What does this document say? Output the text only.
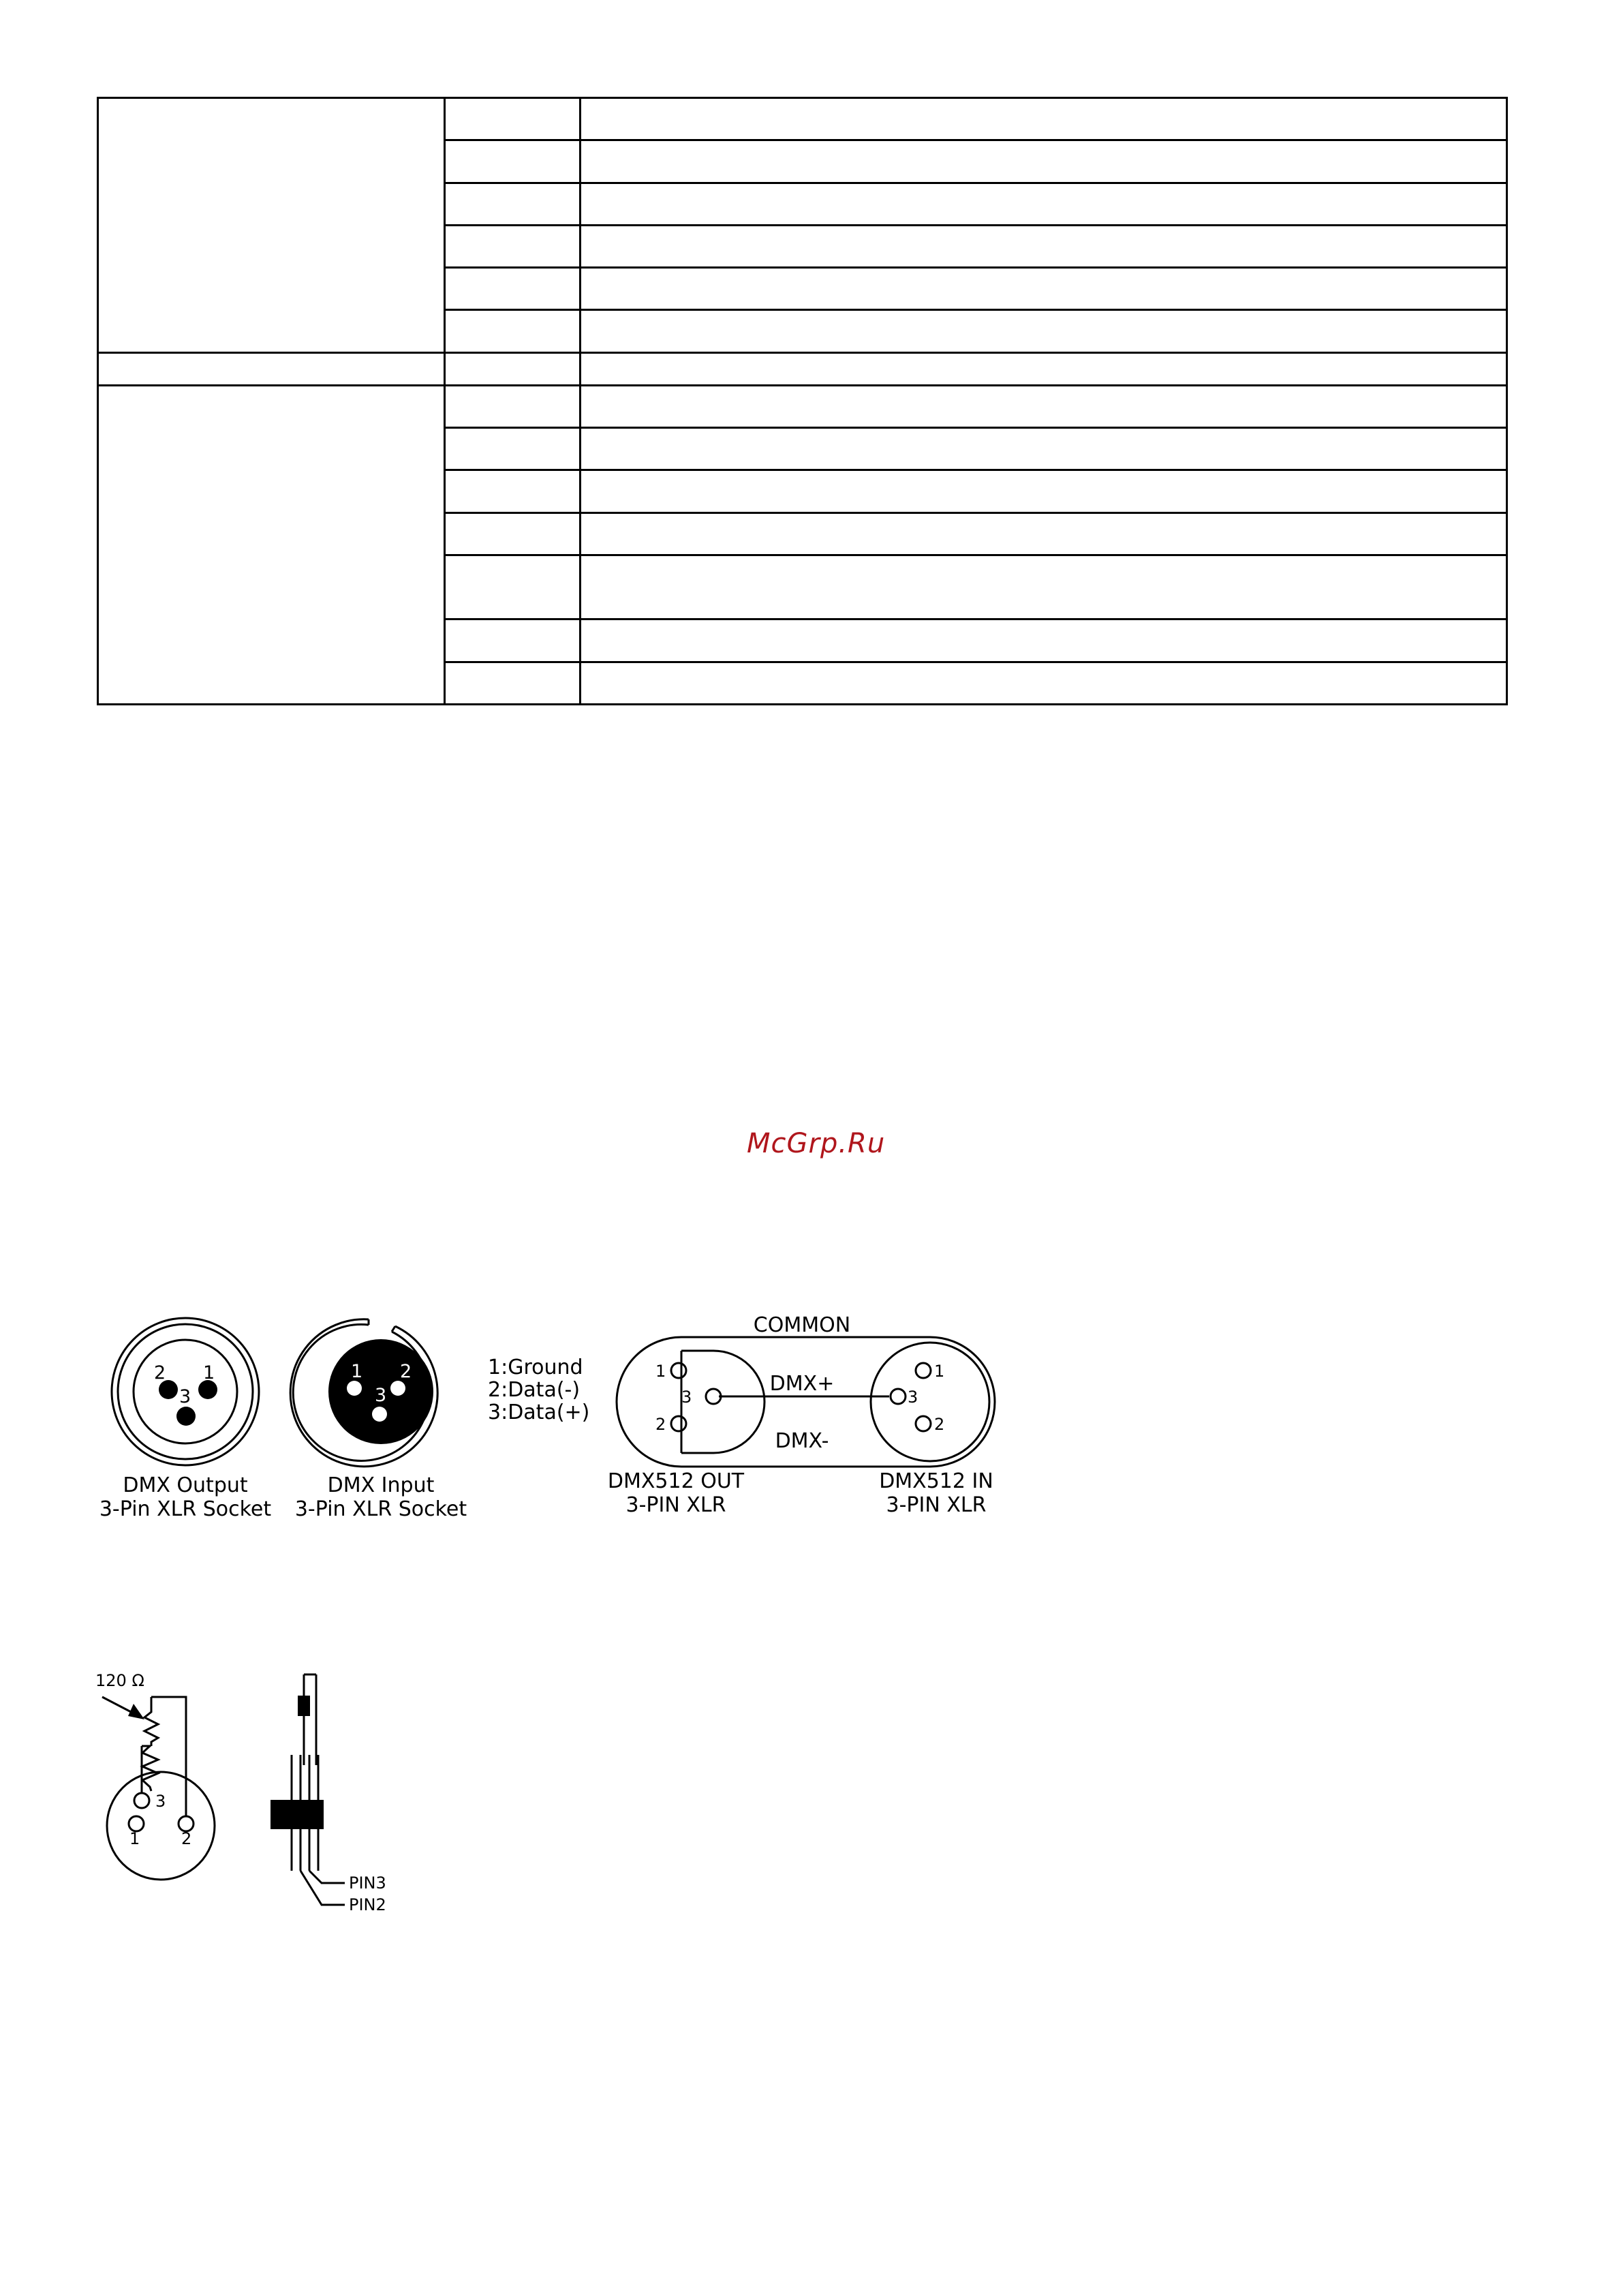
McGrp.Ru
2 1
3
DMX Output
3-Pin XLR Socket
1 2
3
DMX Input
3-Pin XLR Socket
1:Ground
2:Data(-)
3:Data(+)
COMMON
DMX+
DMX-
1
3
2
1
3
2
DMX512 OUT
3-PIN XLR
DMX512 IN
3-PIN XLR
120 Ω
1
3
2
PIN3
PIN2
